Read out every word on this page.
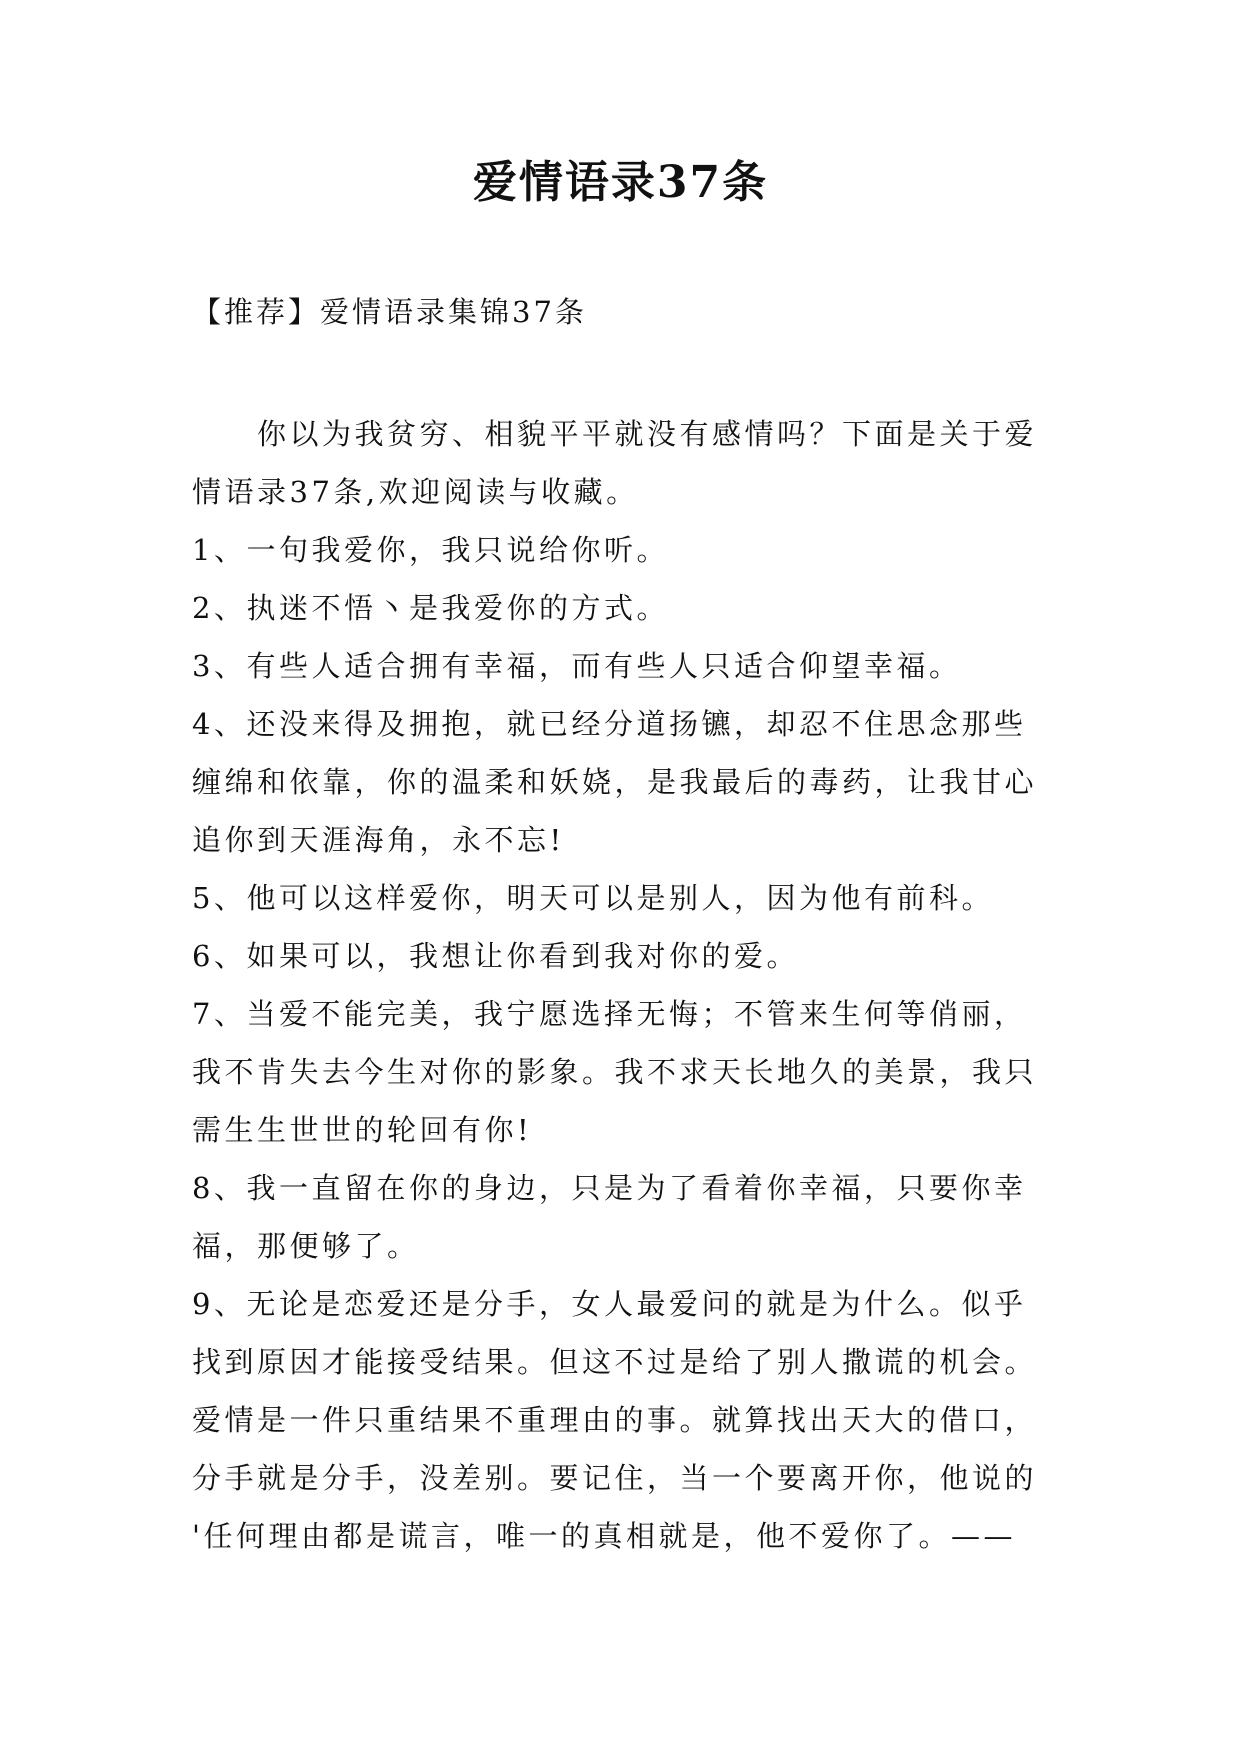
爱情语录37条
【推荐】爱情语录集锦37条
你以为我贫穷、相貌平平就没有感情吗？下面是关于爱
情语录37条,欢迎阅读与收藏。
1、一句我爱你，我只说给你听。
2、执迷不悟丶是我爱你的方式。
3、有些人适合拥有幸福，而有些人只适合仰望幸福。
4、还没来得及拥抱，就已经分道扬镳，却忍不住思念那些
缠绵和依靠，你的温柔和妖娆，是我最后的毒药，让我甘心
追你到天涯海角，永不忘!
5、他可以这样爱你，明天可以是别人，因为他有前科。
6、如果可以，我想让你看到我对你的爱。
7、当爱不能完美，我宁愿选择无悔；不管来生何等俏丽，
我不肯失去今生对你的影象。我不求天长地久的美景，我只
需生生世世的轮回有你!
8、我一直留在你的身边，只是为了看着你幸福，只要你幸
福，那便够了。
9、无论是恋爱还是分手，女人最爱问的就是为什么。似乎
找到原因才能接受结果。但这不过是给了别人撒谎的机会。
爱情是一件只重结果不重理由的事。就算找出天大的借口，
分手就是分手，没差别。要记住，当一个要离开你，他说的
'任何理由都是谎言，唯一的真相就是，他不爱你了。——
